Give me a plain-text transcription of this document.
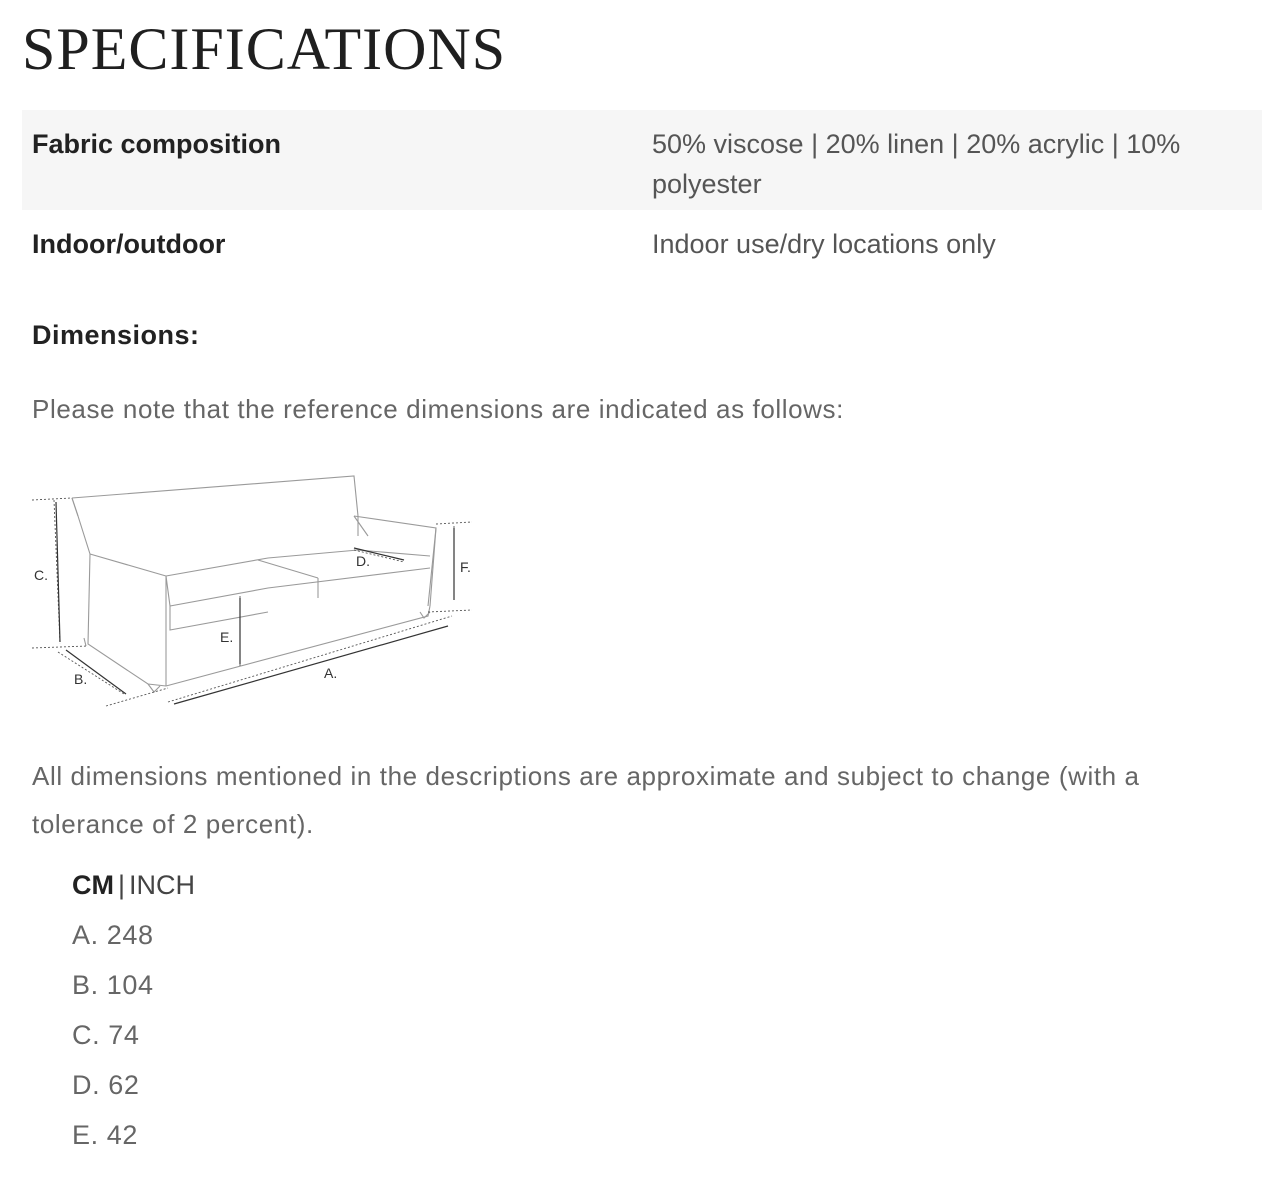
SPECIFICATIONS
Fabric composition	50% viscose | 20% linen | 20% acrylic | 10% polyester
Indoor/outdoor	Indoor use/dry locations only
Dimensions:

Please note that the reference dimensions are indicated as follows:

C.
B.	A.
E.
D.	F.

All dimensions mentioned in the descriptions are approximate and subject to change (with a tolerance of 2 percent).

CM | INCH
A. 248
B. 104
C. 74
D. 62
E. 42
